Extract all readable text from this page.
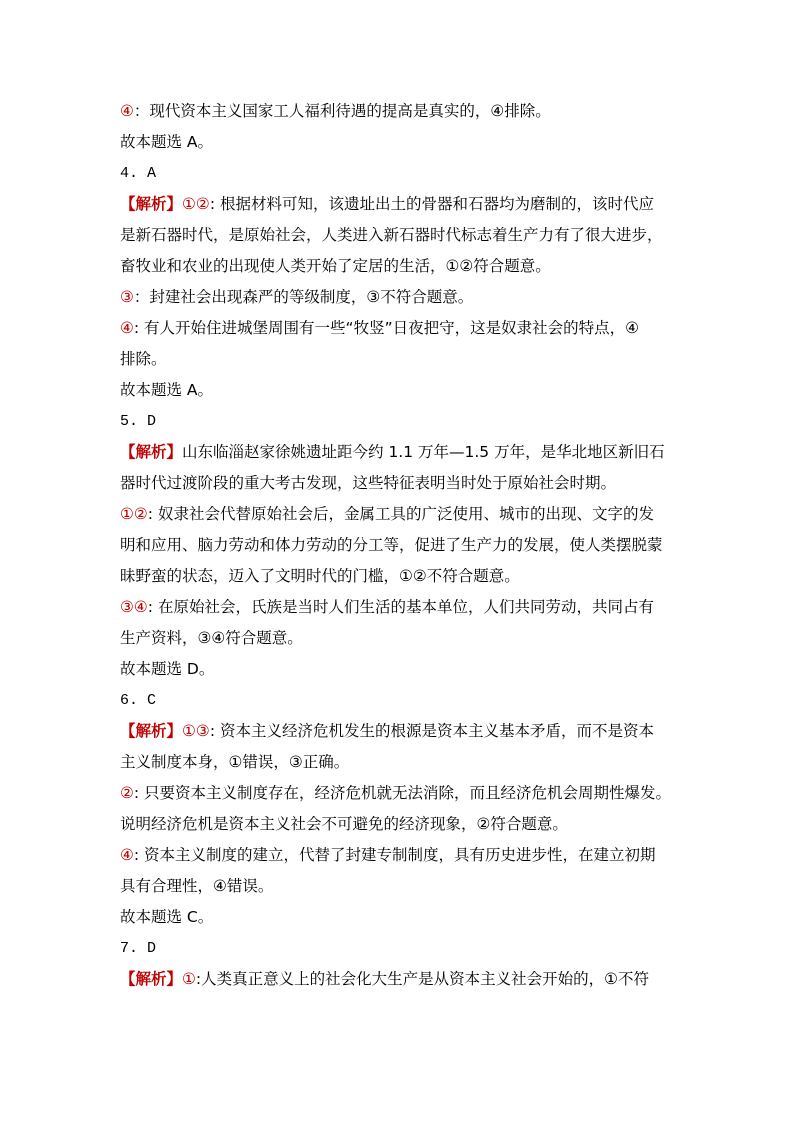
④：现代资本主义国家工人福利待遇的提高是真实的，④排除。
故本题选 A。
4. A
【解析】①②: 根据材料可知，该遗址出土的骨器和石器均为磨制的，该时代应
是新石器时代，是原始社会，人类进入新石器时代标志着生产力有了很大进步，
畜牧业和农业的出现使人类开始了定居的生活，①②符合题意。
③：封建社会出现森严的等级制度，③不符合题意。
④: 有人开始住进城堡周围有一些“牧竖”日夜把守，这是奴隶社会的特点，④
排除。
故本题选 A。
5. D
【解析】山东临淄赵家徐姚遗址距今约 1.1 万年—1.5 万年，是华北地区新旧石
器时代过渡阶段的重大考古发现，这些特征表明当时处于原始社会时期。
①②: 奴隶社会代替原始社会后，金属工具的广泛使用、城市的出现、文字的发
明和应用、脑力劳动和体力劳动的分工等，促进了生产力的发展，使人类摆脱蒙
昧野蛮的状态，迈入了文明时代的门槛，①②不符合题意。
③④: 在原始社会，氏族是当时人们生活的基本单位，人们共同劳动，共同占有
生产资料，③④符合题意。
故本题选 D。
6. C
【解析】①③: 资本主义经济危机发生的根源是资本主义基本矛盾，而不是资本
主义制度本身，①错误，③正确。
②: 只要资本主义制度存在，经济危机就无法消除，而且经济危机会周期性爆发。
说明经济危机是资本主义社会不可避免的经济现象，②符合题意。
④: 资本主义制度的建立，代替了封建专制制度，具有历史进步性，在建立初期
具有合理性，④错误。
故本题选 C。
7. D
【解析】①:人类真正意义上的社会化大生产是从资本主义社会开始的，①不符
